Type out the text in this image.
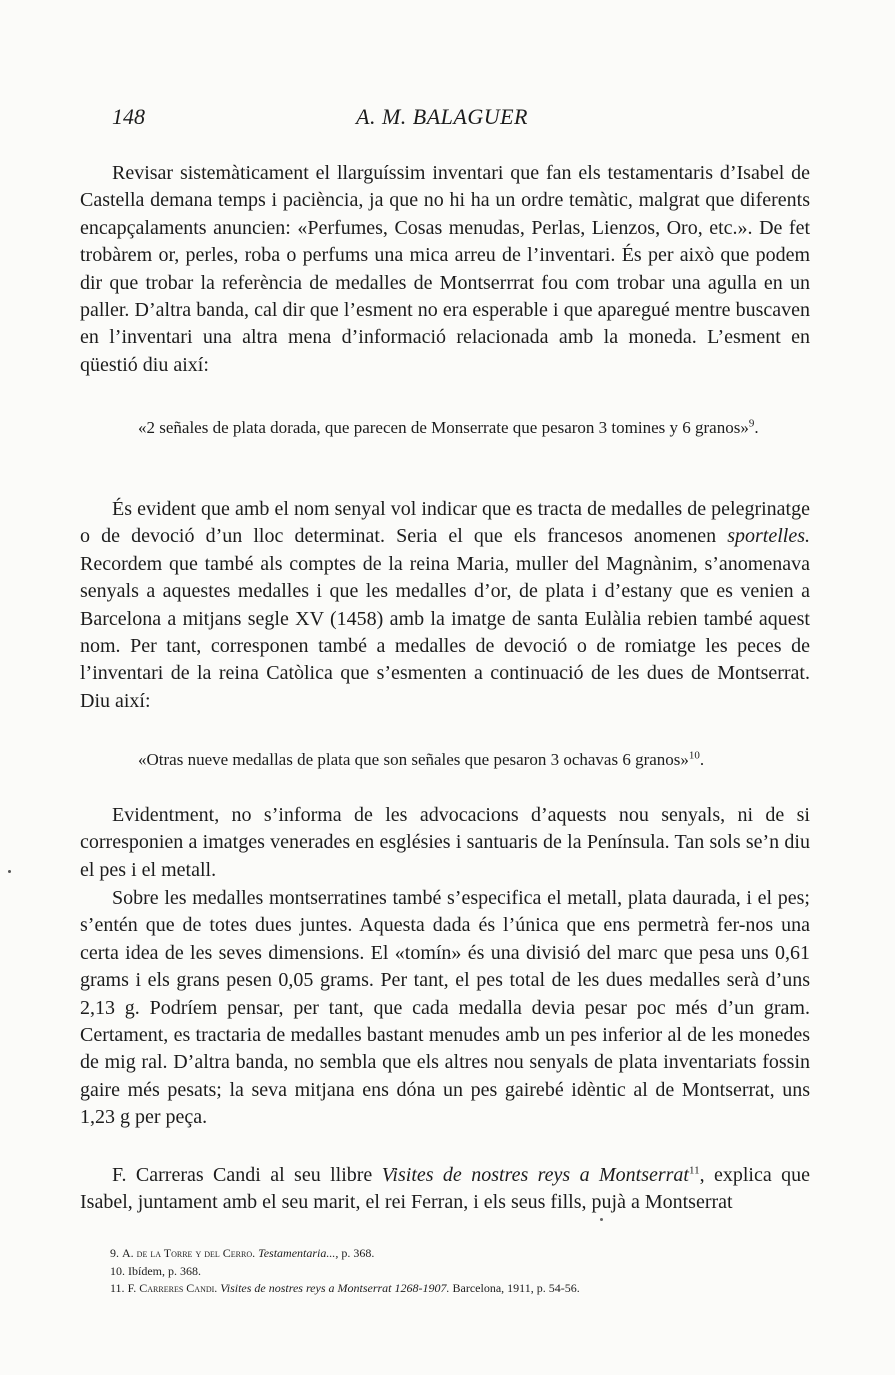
148	A. M. BALAGUER
Revisar sistemàticament el llarguíssim inventari que fan els testamentaris d’Isabel de Castella demana temps i paciència, ja que no hi ha un ordre temàtic, malgrat que diferents encapçalaments anuncien: «Perfumes, Cosas menudas, Perlas, Lienzos, Oro, etc.». De fet trobàrem or, perles, roba o perfums una mica arreu de l’inventari. És per això que podem dir que trobar la referència de medalles de Montserrrat fou com trobar una agulla en un paller. D’altra banda, cal dir que l’esment no era esperable i que aparegué mentre buscaven en l’inventari una altra mena d’informació relacionada amb la moneda. L’esment en qüestió diu així:
«2 señales de plata dorada, que parecen de Monserrate que pesaron 3 tomines y 6 granos»$^9$.
És evident que amb el nom senyal vol indicar que es tracta de medalles de pelegrinatge o de devoció d’un lloc determinat. Seria el que els francesos anomenen sportelles. Recordem que també als comptes de la reina Maria, muller del Magnànim, s’anomenava senyals a aquestes medalles i que les medalles d’or, de plata i d’estany que es venien a Barcelona a mitjans segle XV (1458) amb la imatge de santa Eulàlia rebien també aquest nom. Per tant, corresponen també a medalles de devoció o de romiatge les peces de l’inventari de la reina Catòlica que s’esmenten a continuació de les dues de Montserrat. Diu així:
«Otras nueve medallas de plata que son señales que pesaron 3 ochavas 6 granos»$^{10}$.
Evidentment, no s’informa de les advocacions d’aquests nou senyals, ni de si corresponien a imatges venerades en esglésies i santuaris de la Península. Tan sols se’n diu el pes i el metall.
Sobre les medalles montserratines també s’especifica el metall, plata daurada, i el pes; s’entén que de totes dues juntes. Aquesta dada és l’única que ens permetrà fer-nos una certa idea de les seves dimensions. El «tomín» és una divisió del marc que pesa uns 0,61 grams i els grans pesen 0,05 grams. Per tant, el pes total de les dues medalles serà d’uns 2,13 g. Podríem pensar, per tant, que cada medalla devia pesar poc més d’un gram. Certament, es tractaria de medalles bastant menudes amb un pes inferior al de les monedes de mig ral. D’altra banda, no sembla que els altres nou senyals de plata inventariats fossin gaire més pesats; la seva mitjana ens dóna un pes gairebé idèntic al de Montserrat, uns 1,23 g per peça.
F. Carreras Candi al seu llibre Visites de nostres reys a Montserrat$^{11}$, explica que Isabel, juntament amb el seu marit, el rei Ferran, i els seus fills, pujà a Montserrat
9. A. de la Torre y del Cerro. Testamentaria..., p. 368.
10. Ibídem, p. 368.
11. F. Carreres Candi. Visites de nostres reys a Montserrat 1268-1907. Barcelona, 1911, p. 54-56.
